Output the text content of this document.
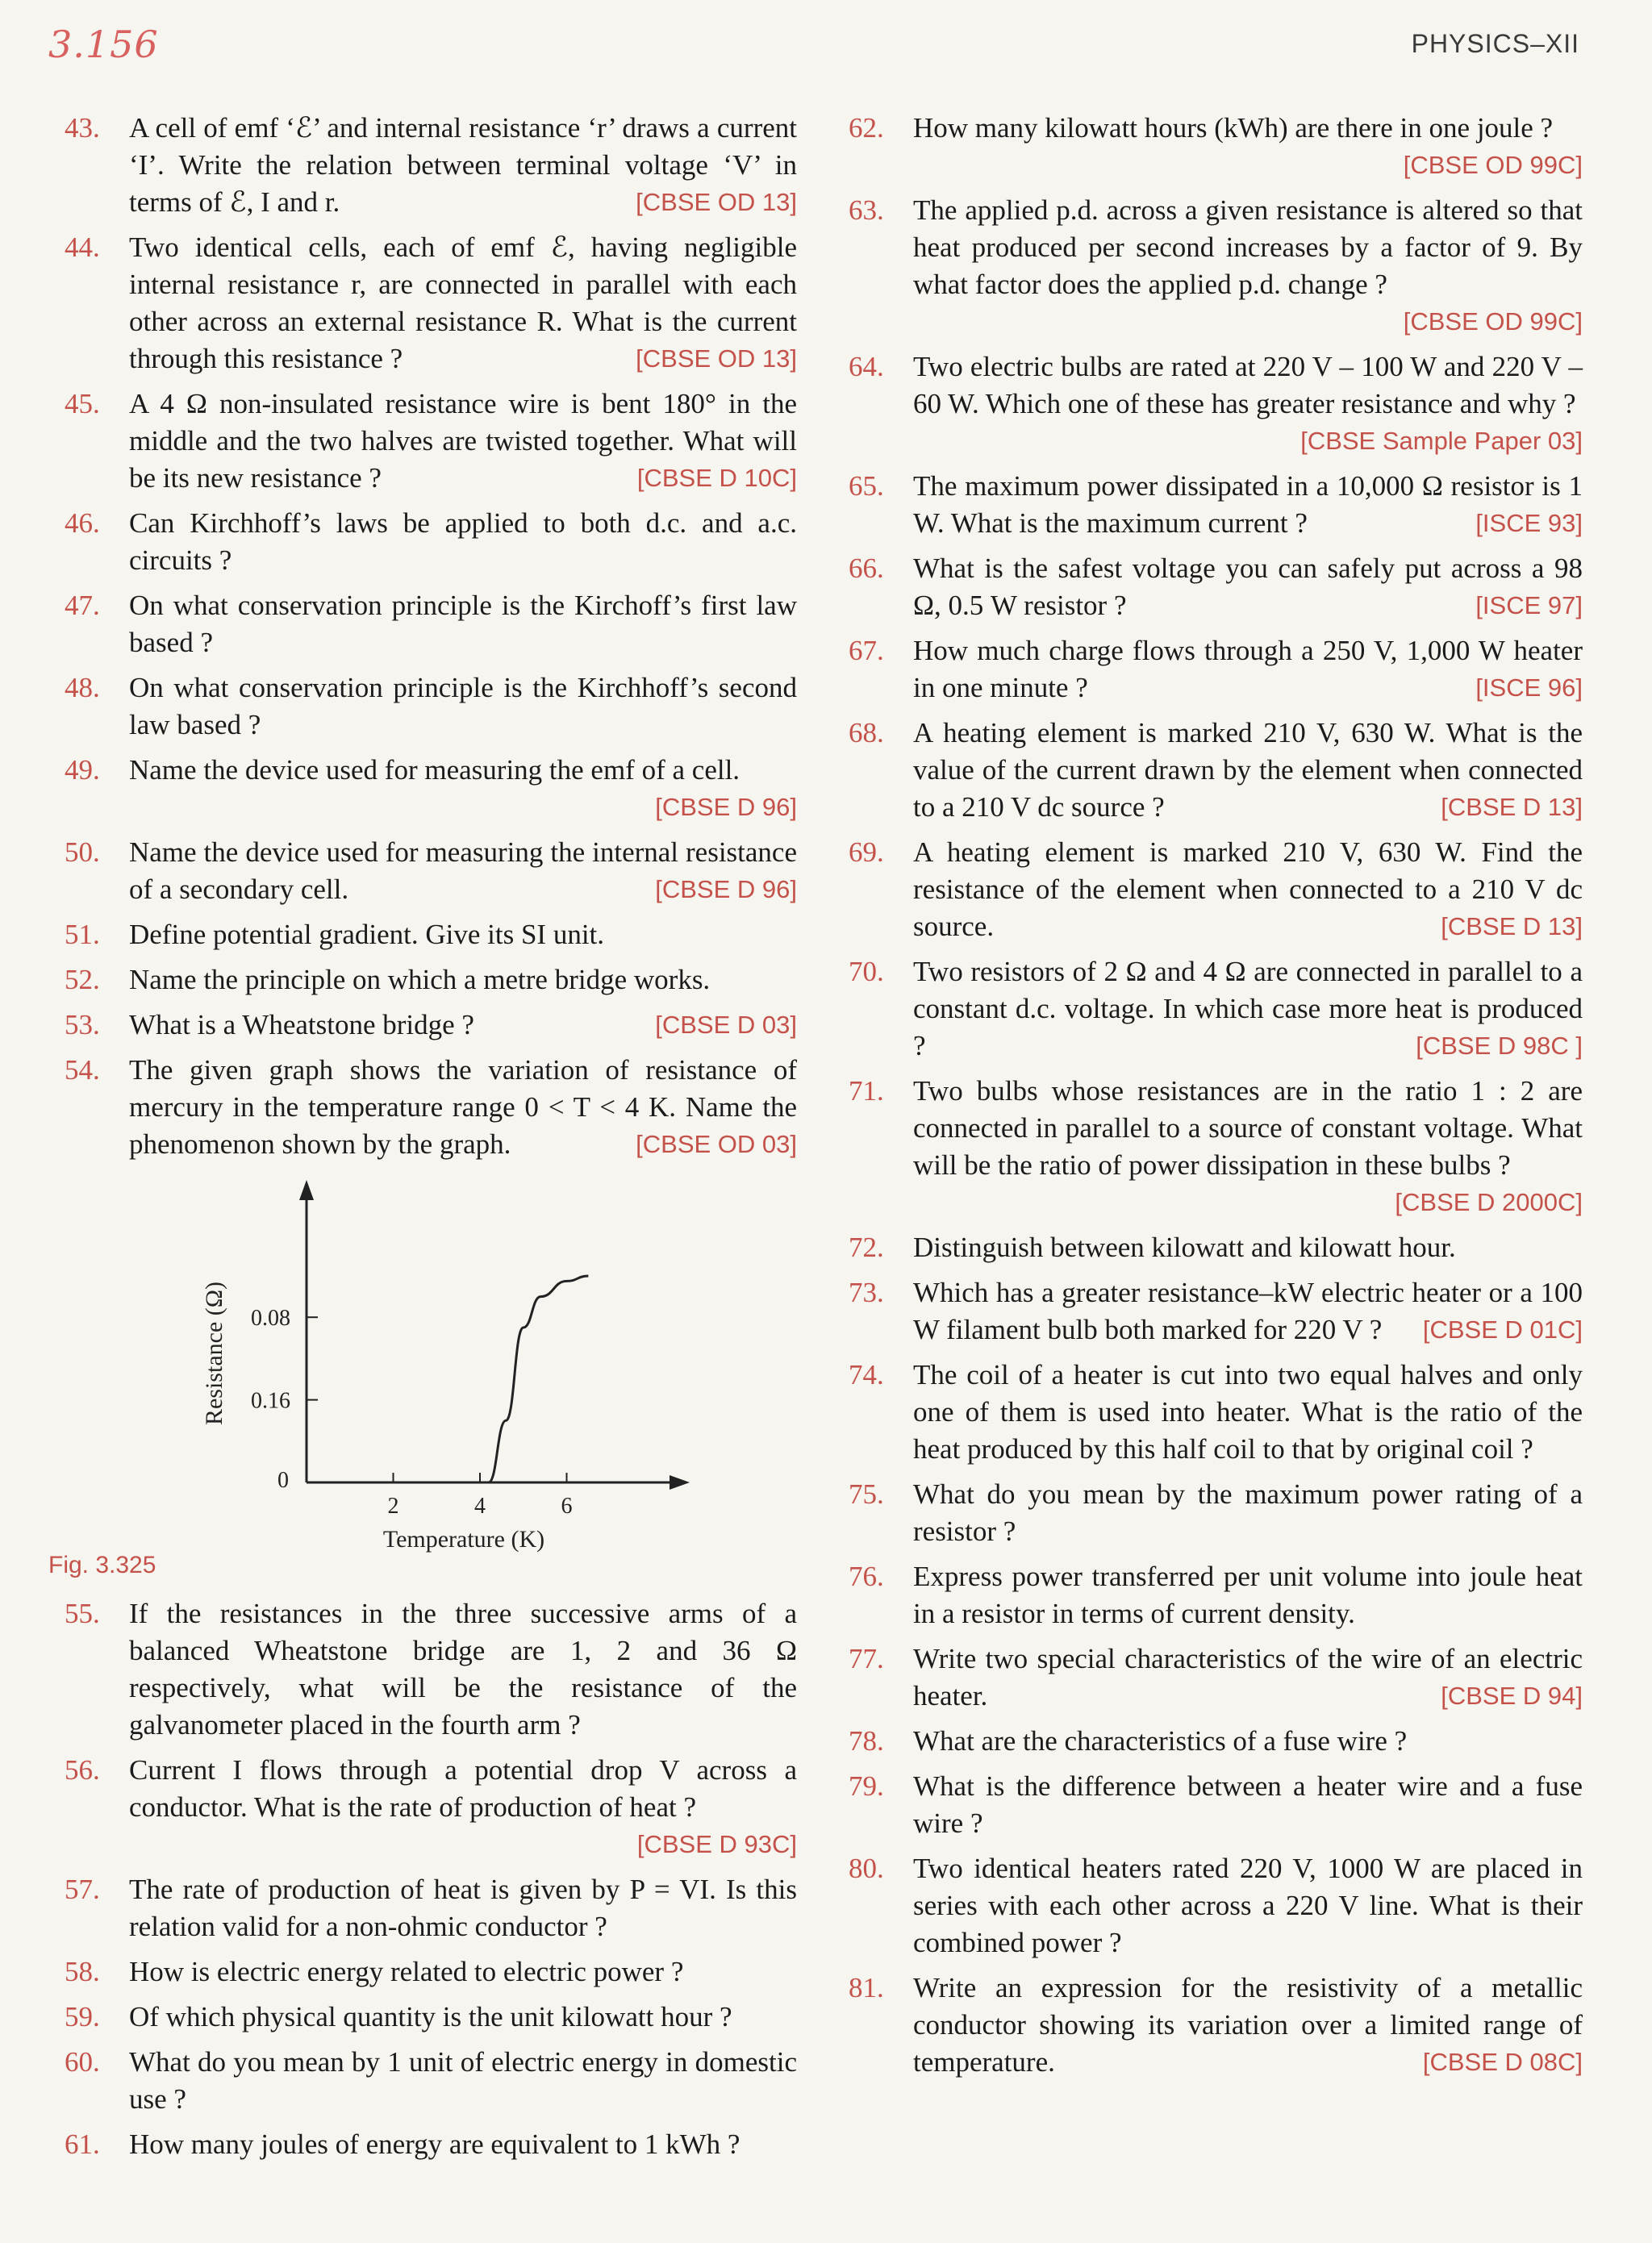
3.156	PHYSICS–XII
43.	A cell of emf ‘ℰ’ and internal resistance ‘r’ draws a current ‘I’. Write the relation between terminal voltage ‘V’ in terms of ℰ, I and r.	[CBSE OD 13]
44.	Two identical cells, each of emf ℰ, having negligible internal resistance r, are connected in parallel with each other across an external resistance R. What is the current through this resistance ?	[CBSE OD 13]
45.	A 4 Ω non-insulated resistance wire is bent 180° in the middle and the two halves are twisted together. What will be its new resistance ?	[CBSE D 10C]
46.	Can Kirchhoff’s laws be applied to both d.c. and a.c. circuits ?
47.	On what conservation principle is the Kirchoff’s first law based ?
48.	On what conservation principle is the Kirchhoff’s second law based ?
49.	Name the device used for measuring the emf of a cell.
[CBSE D 96]
50.	Name the device used for measuring the internal resistance of a secondary cell.	[CBSE D 96]
51.	Define potential gradient. Give its SI unit.
52.	Name the principle on which a metre bridge works.
53.	What is a Wheatstone bridge ?	[CBSE D 03]
54.	The given graph shows the variation of resistance of mercury in the temperature range 0 < T < 4 K. Name the phenomenon shown by the graph.	[CBSE OD 03]
0.16
0.08
2	4	6
0
Temperature (K)
Resistance (Ω)
Fig. 3.325
55.	If the resistances in the three successive arms of a balanced Wheatstone bridge are 1, 2 and 36 Ω respectively, what will be the resistance of the galvanometer placed in the fourth arm ?
56.	Current I flows through a potential drop V across a conductor. What is the rate of production of heat ?
[CBSE D 93C]
57.	The rate of production of heat is given by P = VI. Is this relation valid for a non-ohmic conductor ?
58.	How is electric energy related to electric power ?
59.	Of which physical quantity is the unit kilowatt hour ?
60.	What do you mean by 1 unit of electric energy in domestic use ?
61.	How many joules of energy are equivalent to 1 kWh ?
62.	How many kilowatt hours (kWh) are there in one joule ?
[CBSE OD 99C]
63.	The applied p.d. across a given resistance is altered so that heat produced per second increases by a factor of 9. By what factor does the applied p.d. change ?
[CBSE OD 99C]
64.	Two electric bulbs are rated at 220 V – 100 W and 220 V – 60 W. Which one of these has greater resistance and why ?
[CBSE Sample Paper 03]
65.	The maximum power dissipated in a 10,000 Ω resistor is 1 W. What is the maximum current ?	[ISCE 93]
66.	What is the safest voltage you can safely put across a 98 Ω, 0.5 W resistor ?	[ISCE 97]
67.	How much charge flows through a 250 V, 1,000 W heater in one minute ?	[ISCE 96]
68.	A heating element is marked 210 V, 630 W. What is the value of the current drawn by the element when connected to a 210 V dc source ?	[CBSE D 13]
69.	A heating element is marked 210 V, 630 W. Find the resistance of the element when connected to a 210 V dc source.	[CBSE D 13]
70.	Two resistors of 2 Ω and 4 Ω are connected in parallel to a constant d.c. voltage. In which case more heat is produced ?	[CBSE D 98C ]
71.	Two bulbs whose resistances are in the ratio 1 : 2 are connected in parallel to a source of constant voltage. What will be the ratio of power dissipation in these bulbs ?
[CBSE D 2000C]
72.	Distinguish between kilowatt and kilowatt hour.
73.	Which has a greater resistance–kW electric heater or a 100 W filament bulb both marked for 220 V ? [CBSE D 01C]
74.	The coil of a heater is cut into two equal halves and only one of them is used into heater. What is the ratio of the heat produced by this half coil to that by original coil ?
75.	What do you mean by the maximum power rating of a resistor ?
76.	Express power transferred per unit volume into joule heat in a resistor in terms of current density.
77.	Write two special characteristics of the wire of an electric heater.	[CBSE D 94]
78.	What are the characteristics of a fuse wire ?
79.	What is the difference between a heater wire and a fuse wire ?
80.	Two identical heaters rated 220 V, 1000 W are placed in series with each other across a 220 V line. What is their combined power ?
81.	Write an expression for the resistivity of a metallic conductor showing its variation over a limited range of temperature.	[CBSE D 08C]
